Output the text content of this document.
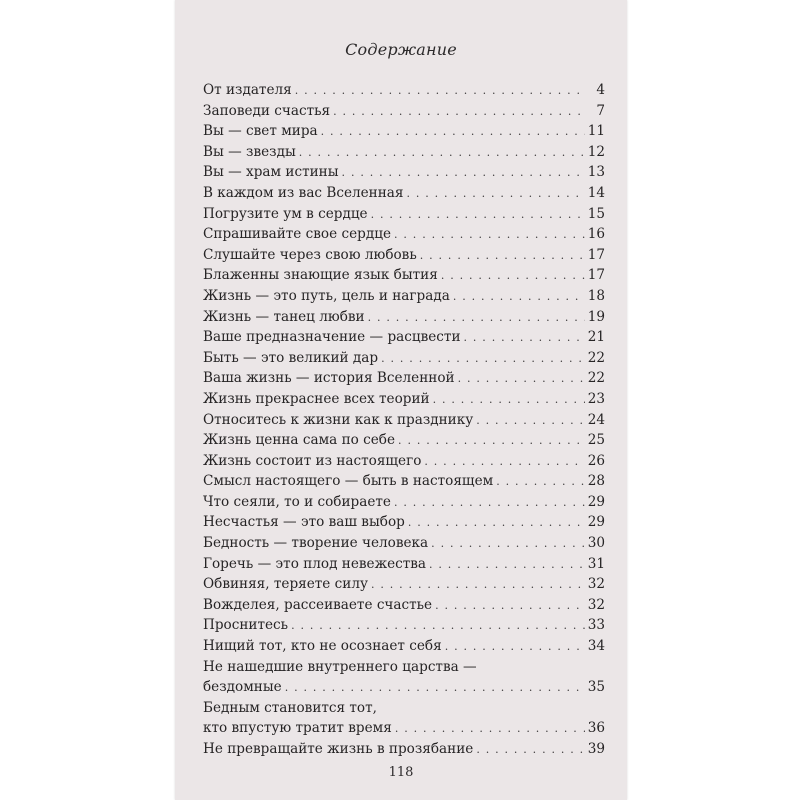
Содержание
От издателя . . .	4
Заповеди счастья . . .	7
Вы — свет мира . . .	11
Вы — звезды . . .	12
Вы — храм истины . . .	13
В каждом из вас Вселенная . . .	14
Погрузите ум в сердце . . .	15
Спрашивайте свое сердце . . .	16
Слушайте через свою любовь . . .	17
Блаженны знающие язык бытия . . .	17
Жизнь — это путь, цель и награда . . .	18
Жизнь — танец любви . . .	19
Ваше предназначение — расцвести . . .	21
Быть — это великий дар . . .	22
Ваша жизнь — история Вселенной . . .	22
Жизнь прекраснее всех теорий . . .	23
Относитесь к жизни как к празднику . . .	24
Жизнь ценна сама по себе . . .	25
Жизнь состоит из настоящего . . .	26
Смысл настоящего — быть в настоящем . . .	28
Что сеяли, то и собираете . . .	29
Несчастья — это ваш выбор . . .	29
Бедность — творение человека . . .	30
Горечь — это плод невежества . . .	31
Обвиняя, теряете силу . . .	32
Вожделея, рассеиваете счастье . . .	32
Проснитесь . . .	33
Нищий тот, кто не осознает себя . . .	34
Не нашедшие внутреннего царства —
бездомные . . .	35
Бедным становится тот,
кто впустую тратит время . . .	36
Не превращайте жизнь в прозябание . . .	39
118
